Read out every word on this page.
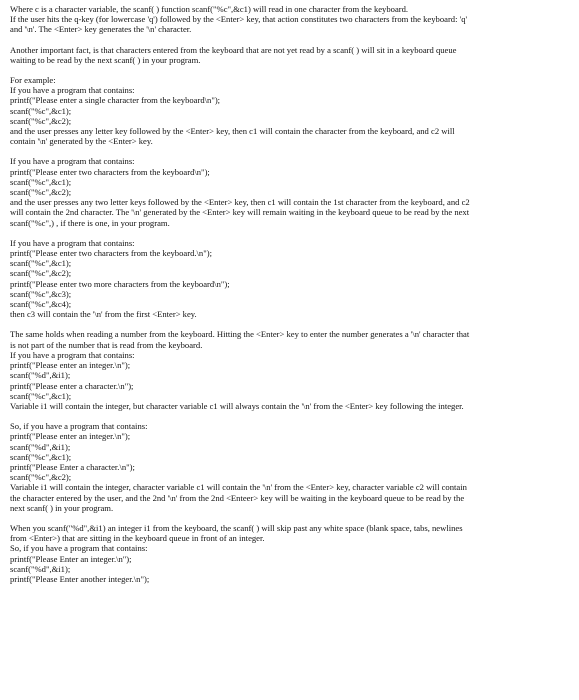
Where c is a character variable, the scanf( ) function scanf("%c",&c1) will read in one character from the keyboard.
If the user hits the q-key (for lowercase 'q') followed by the <Enter> key, that action constitutes two characters from the keyboard: 'q'
and '\n'. The <Enter> key generates the '\n' character.
Another important fact, is that characters entered from the keyboard that are not yet read by a scanf( ) will sit in a keyboard queue
waiting to be read by the next scanf( ) in your program.
For example:
If you have a program that contains:
printf("Please enter a single character from the keyboard\n");
scanf("%c",&c1);
scanf("%c",&c2);
and the user presses any letter key followed by the <Enter> key, then c1 will contain the character from the keyboard, and c2 will
contain '\n' generated by the <Enter> key.
If you have a program that contains:
printf("Please enter two characters from the keyboard\n");
scanf("%c",&c1);
scanf("%c",&c2);
and the user presses any two letter keys followed by the <Enter> key, then c1 will contain the 1st character from the keyboard, and c2
will contain the 2nd character. The '\n' generated by the <Enter> key will remain waiting in the keyboard queue to be read by the next
scanf("%c",) , if there is one, in your program.
If you have a program that contains:
printf("Please enter two characters from the keyboard.\n");
scanf("%c",&c1);
scanf("%c",&c2);
printf("Please enter two more characters from the keyboard\n");
scanf("%c",&c3);
scanf("%c",&c4);
then c3 will contain the '\n' from the first <Enter> key.
The same holds when reading a number from the keyboard. Hitting the <Enter> key to enter the number generates a '\n' character that
is not part of the number that is read from the keyboard.
If you have a program that contains:
printf("Please enter an integer.\n");
scanf("%d",&i1);
printf("Please enter a character.\n");
scanf("%c",&c1);
Variable i1 will contain the integer, but character variable c1 will always contain the '\n' from the <Enter> key following the integer.
So, if you have a program that contains:
printf("Please enter an integer.\n");
scanf("%d",&i1);
scanf("%c",&c1);
printf("Please Enter a character.\n");
scanf("%c",&c2);
Variable i1 will contain the integer, character variable c1 will contain the '\n' from the <Enter> key, character variable c2 will contain
the character entered by the user, and the 2nd '\n' from the 2nd <Enteer> key will be waiting in the keyboard queue to be read by the
next scanf( ) in your program.
When you scanf("%d",&i1) an integer i1 from the keyboard, the scanf( ) will skip past any white space (blank space, tabs, newlines
from <Enter>) that are sitting in the keyboard queue in front of an integer.
So, if you have a program that contains:
printf("Please Enter an integer.\n");
scanf("%d",&i1);
printf("Please Enter another integer.\n");
